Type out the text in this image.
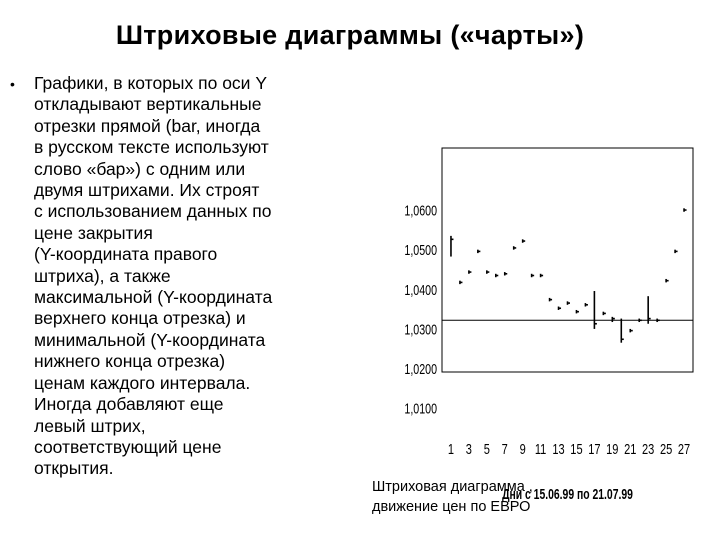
Штриховые диаграммы («чарты»)
• Графики, в которых по оси Y
откладывают вертикальные
отрезки прямой (bar, иногда
в русском тексте используют
слово «бар») с одним или
двумя штрихами. Их строят
с использованием данных по
цене закрытия
(Y-координата правого
штриха), а также
максимальной (Y-координата
верхнего конца отрезка) и
минимальной (Y-координата
нижнего конца отрезка)
ценам каждого интервала.
Иногда добавляют еще
левый штрих,
соответствующий цене
открытия.
1,0100
1,0200
1,0300
1,0400
1,0500
1,0600
1 3 5 7 9 11 13 15 17 19 21 23 25 27
Дни с 15.06.99 по 21.07.99
Штриховая диаграмма ,
движение цен по ЕВРО
